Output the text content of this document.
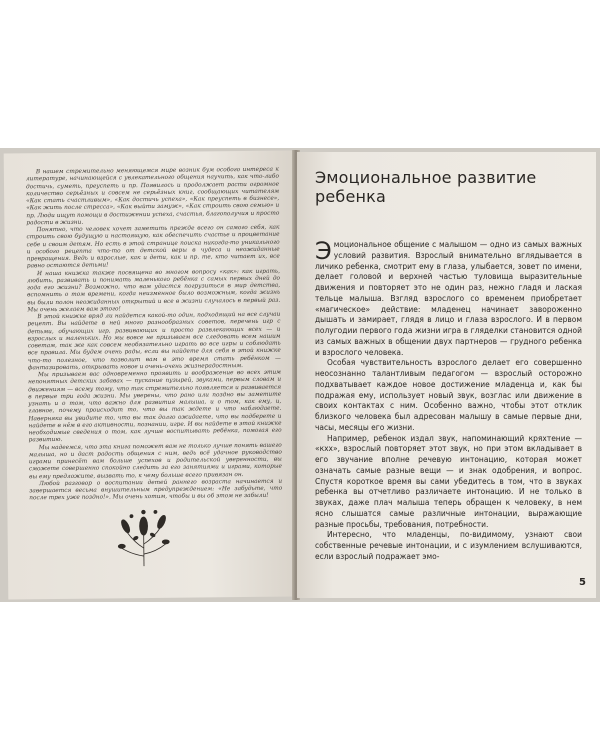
В нашем стремительно меняющемся мире возник бум особого интереса к литературе, начинающейся с увлекательного общения научить, как что-либо достичь, суметь, преуспеть и пр. Появилось и продолжает расти огромное количество серьёзных и совсем не серьёзных книг, сообщающих читателям «Как стать счастливым», «Как достичь успеха», «Как преуспеть в бизнесе», «Как жить после стресса», «Как выйти замуж», «Как строить свою семью» и пр. Люди ищут помощи в достижении успеха, счастья, благополучия и просто радости в жизни.

Понятно, что человек хочет заметить прежде всего он самого себя, как строить свою будущую и настоящую, как обеспечить счастье и процветание себе и своим детям. Но есть в этой странице поиска никогда-то уникального и особого рецепта что-то от детской веры в чудеса и неожиданные превращения. Ведь и взрослые, как и дети, как и пр. те, кто читает их, все равно остаются детьми!

И наша книжка также посвящена во многом вопросу «как»: как играть, любить, развивать и понимать маленького ребёнка с самых первых дней до года его жизни? Возможно, что вам удастся погрузиться в мир детства, вспомнить о том времени, когда неизменное было возможным, когда жизнь вы были полон неожиданных открытий и все в жизни случалось в первый раз. Мы очень желаем вам этого!

В этой книжке вряд ли найдется какой-то один, подходящий на все случаи рецепт. Вы найдете в ней много разнообразных советов, перечень игр с детьми, обучающих игр, развивающих и просто развлекающих всех — и взрослых и маленьких. Но мы вовсе не призываем все следовать всем нашим советам, так же как совсем необязательно играть во все игры и соблюдать все правила. Мы будем очень рады, если вы найдете для себя в этой книжке что-то полезное, что позволит вам в это время стать ребёнком — фантазировать, открывать новое и очень-очень жизнерадостным.

Мы призываем вас одновременно проявить и воображение во всех этим непонятных детских забавах — пускание пузырей, звуками, первым словам и движениям — всему тому, что так стремительно появляется и развивается в первые три года жизни. Мы уверены, что рано или поздно вы заметите узнать и о том, что важно для развития малыша, и о том, как ему, и, главное, почему происходит то, что вы так ждете и что наблюдаете. Наверняка вы увидите то, что вы так долго ожидаете, что вы подберете и найдете в нём в его активности, познании, игре. И вы найдете в этой книжке необходимые сведения о том, как лучше воспитывать ребёнка, помогая его развитию.

Мы надеемся, что эта книга поможет вам не только лучше понять вашего малыша, но и даст радость общения с ним, ведь всё удачное руководство играми принесёт вам больше успехов и родительской уверенности, вы сможете совершенно спокойно следить за его занятиями и играми, которые вы ему предложите, вызвать то, к чему больше всего привязан он.

Любой разговор о воспитании детей раннего возраста начинается и завершается весьма внушительным предупреждением: «Не забудьте, что после трех уже поздно!». Мы очень хотим, чтобы и вы об этом не забыли!

Эмоциональное развитие ребенка

Эмоциональное общение с малышом — одно из самых важных условий развития. Взрослый внимательно вглядывается в личико ребенка, смотрит ему в глаза, улыбается, зовет по имени, делает головой и верхней частью туловища выразительные движения и повторяет это не один раз, нежно гладя и лаская тельце малыша. Взгляд взрослого со временем приобретает «магическое» действие: младенец начинает завороженно дышать и замирает, глядя в лицо и глаза взрослого. И в первом полугодии первого года жизни игра в гляделки становится одной из самых важных в общении двух партнеров — грудного ребенка и взрослого человека.

Особая чувствительность взрослого делает его совершенно неосознанно талантливым педагогом — взрослый осторожно подхватывает каждое новое достижение младенца и, как бы подражая ему, использует новый звук, возглас или движение в своих контактах с ним. Особенно важно, чтобы этот отклик близкого человека был адресован малышу в самые первые дни, часы, месяцы его жизни.

Например, ребенок издал звук, напоминающий кряхтение — «кхх», взрослый повторяет этот звук, но при этом вкладывает в его звучание вполне речевую интонацию, которая может означать самые разные вещи — и знак одобрения, и вопрос. Спустя короткое время вы сами убедитесь в том, что в звуках ребенка вы отчетливо различаете интонацию. И не только в звуках, даже плач малыша теперь обращен к человеку, в нем ясно слышатся самые различные интонации, выражающие разные просьбы, требования, потребности.

Интересно, что младенцы, по-видимому, узнают свои собственные речевые интонации, и с изумлением вслушиваются, если взрослый подражает эмо-

5
